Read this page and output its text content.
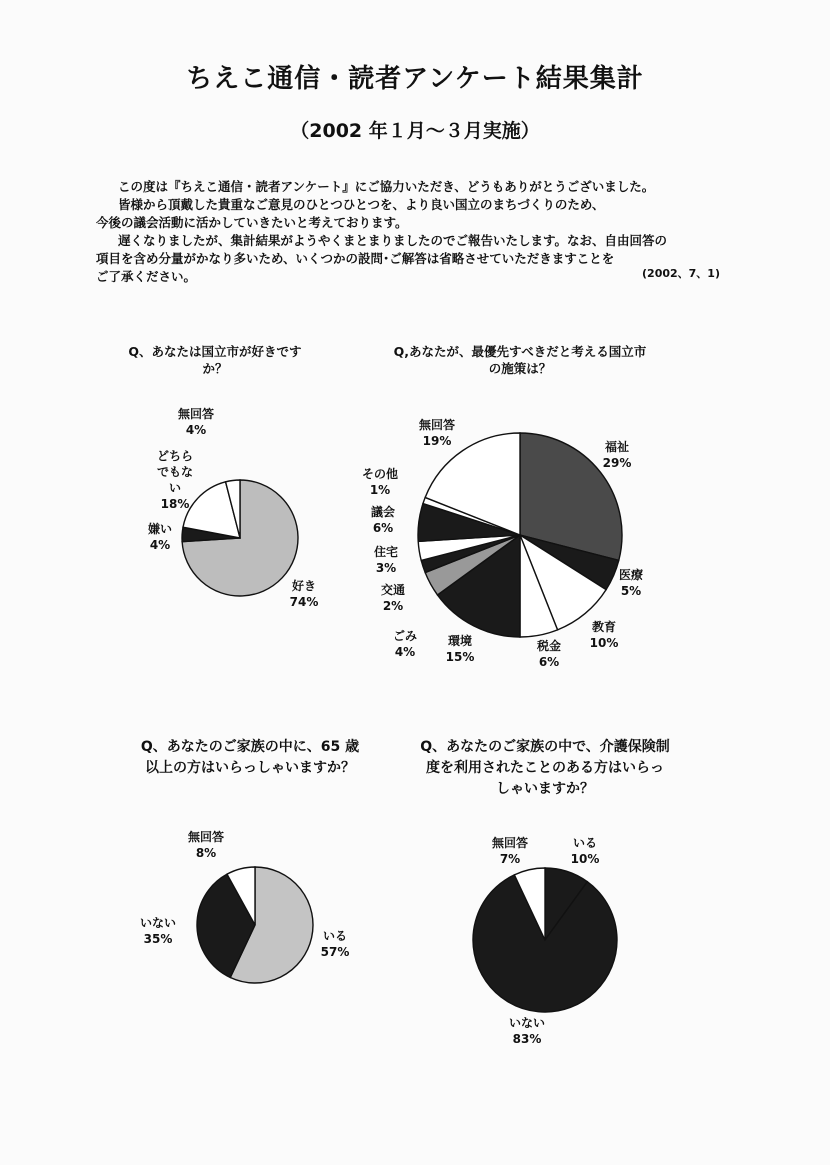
ちえこ通信・読者アンケート結果集計
（2002 年１月～３月実施）

この度は『ちえこ通信・読者アンケート』にご協力いただき、どうもありがとうございました。

皆様から頂戴した貴重なご意見のひとつひとつを、より良い国立のまちづくりのため、

今後の議会活動に活かしていきたいと考えております。

遅くなりましたが、集計結果がようやくまとまりましたのでご報告いたします。なお、自由回答の

項目を含め分量がかなり多いため、いくつかの設問･ご解答は省略させていただきますことを

ご了承ください。	(2002、7、1)
Q、あなたは国立市が好きです
か？
Q,あなたが、最優先すべきだと考える国立市
の施策は？
Q、あなたのご家族の中に、65 歳
以上の方はいらっしゃいますか？
Q、あなたのご家族の中で、介護保険制
度を利用されたことのある方はいらっ
しゃいますか？
好き 74%
嫌い 4%
どちらでもない 18%
無回答 4%
福祉 29%
医療 5%
教育 10%
税金 6%
環境 15%
ごみ 4%
交通 2%
住宅 3%
議会 6%
その他 1%
無回答 19%
いる 57%
いない 35%
無回答 8%
いる 10%
いない 83%
無回答 7%
